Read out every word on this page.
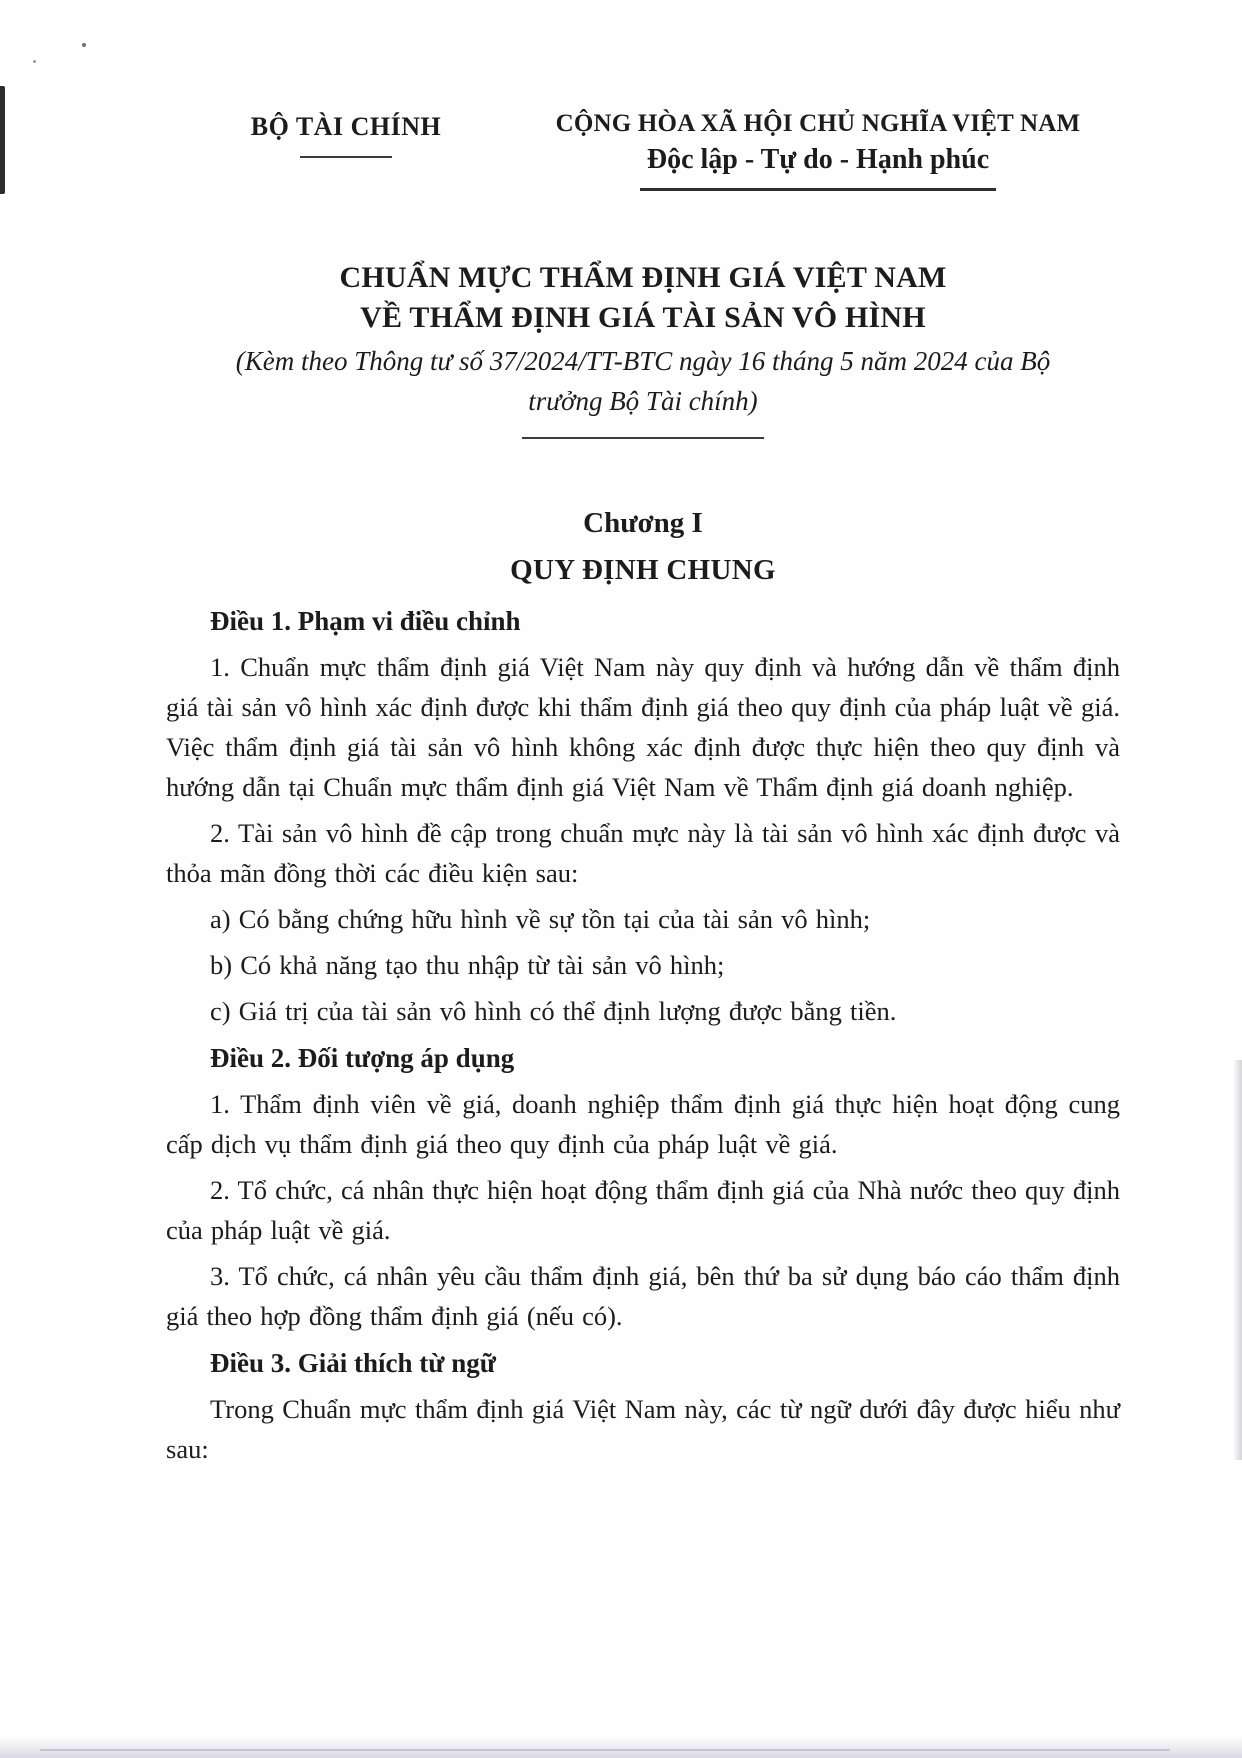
BỘ TÀI CHÍNH	CỘNG HÒA XÃ HỘI CHỦ NGHĨA VIỆT NAM
Độc lập - Tự do - Hạnh phúc
CHUẨN MỰC THẨM ĐỊNH GIÁ VIỆT NAM
VỀ THẨM ĐỊNH GIÁ TÀI SẢN VÔ HÌNH
(Kèm theo Thông tư số 37/2024/TT-BTC ngày 16 tháng 5 năm 2024 của Bộ
trưởng Bộ Tài chính)
Chương I
QUY ĐỊNH CHUNG
Điều 1. Phạm vi điều chỉnh

1. Chuẩn mực thẩm định giá Việt Nam này quy định và hướng dẫn về thẩm định giá tài sản vô hình xác định được khi thẩm định giá theo quy định của pháp luật về giá. Việc thẩm định giá tài sản vô hình không xác định được thực hiện theo quy định và hướng dẫn tại Chuẩn mực thẩm định giá Việt Nam về Thẩm định giá doanh nghiệp.

2. Tài sản vô hình đề cập trong chuẩn mực này là tài sản vô hình xác định được và thỏa mãn đồng thời các điều kiện sau:

a) Có bằng chứng hữu hình về sự tồn tại của tài sản vô hình;

b) Có khả năng tạo thu nhập từ tài sản vô hình;

c) Giá trị của tài sản vô hình có thể định lượng được bằng tiền.

Điều 2. Đối tượng áp dụng

1. Thẩm định viên về giá, doanh nghiệp thẩm định giá thực hiện hoạt động cung cấp dịch vụ thẩm định giá theo quy định của pháp luật về giá.

2. Tổ chức, cá nhân thực hiện hoạt động thẩm định giá của Nhà nước theo quy định của pháp luật về giá.

3. Tổ chức, cá nhân yêu cầu thẩm định giá, bên thứ ba sử dụng báo cáo thẩm định giá theo hợp đồng thẩm định giá (nếu có).

Điều 3. Giải thích từ ngữ

Trong Chuẩn mực thẩm định giá Việt Nam này, các từ ngữ dưới đây được hiểu như sau:
